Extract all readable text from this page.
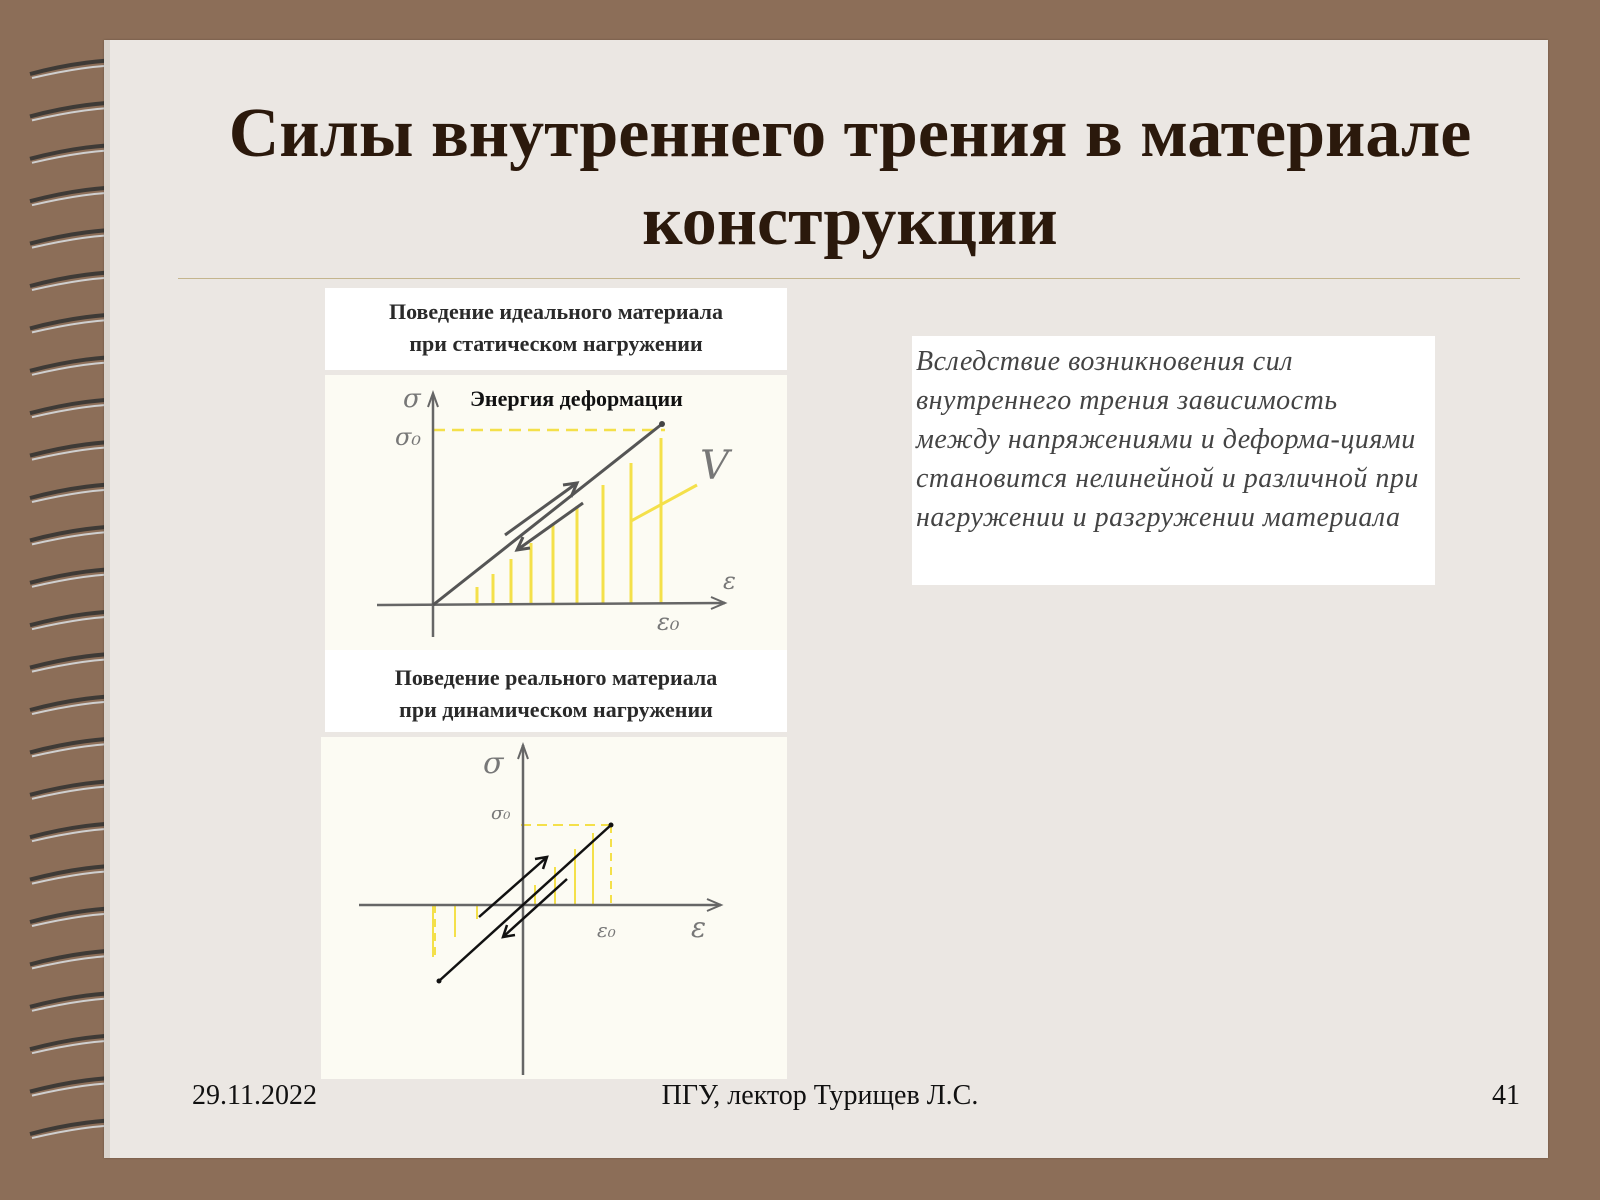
Силы внутреннего трения в материале конструкции
Поведение идеального материала
при статическом нагружении
σ
σ₀
ε
ε₀
V
Энергия деформации
Поведение реального материала
при динамическом нагружении
σ
σ₀
ε
ε₀
Вследствие возникновения сил внутреннего трения зависимость между напряжениями и деформа-циями становится нелинейной и различной при нагружении и разгружении материала
29.11.2022	ПГУ, лектор Турищев Л.С.	41
